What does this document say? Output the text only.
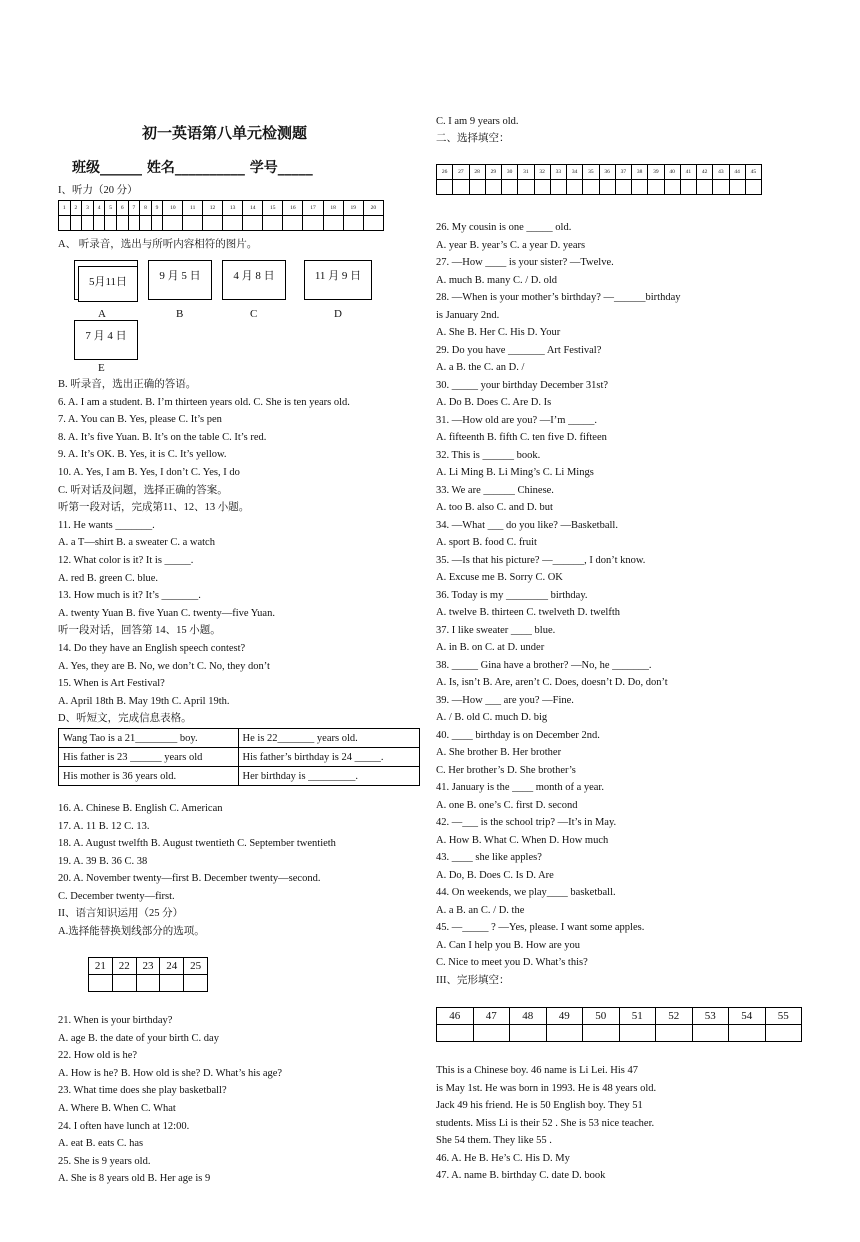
初一英语第八单元检测题
班级______ 姓名__________ 学号_____
I、听力（20 分）
1	2	3	4	5	6	7	8	9	10	11	12	13	14	15	16	17	18	19	20

A、 听录音，选出与所听内容相符的图片。
5月11日	9 月 5 日	4 月 8 日	11 月 9 日
A	B	C	D
7 月 4 日
E
B. 听录音，选出正确的答语。
6. A. I am a student. B. I’m thirteen years old. C. She is ten years old.
7. A. You can B. Yes, please C. It’s pen
8. A. It’s five Yuan. B. It’s on the table C. It’s red.
9. A. It’s OK. B. Yes, it is C. It’s yellow.
10. A. Yes, I am B. Yes, I don’t C. Yes, I do
C. 听对话及问题，选择正确的答案。
听第一段对话，完成第11、12、13 小题。
11. He wants _______.
A. a T—shirt B. a sweater C. a watch
12. What color is it? It is _____.
A. red B. green C. blue.
13. How much is it? It’s _______.
A. twenty Yuan B. five Yuan C. twenty—five Yuan.
听一段对话，回答第 14、15 小题。
14. Do they have an English speech contest?
A. Yes, they are B. No, we don’t C. No, they don’t
15. When is Art Festival?
A. April 18th B. May 19th C. April 19th.
D、听短文，完成信息表格。
Wang Tao is a 21________ boy.	He is 22_______ years old.
His father is 23 ______ years old	His father’s birthday is 24 _____.
His mother is 36 years old.	Her birthday is _________.
16. A. Chinese B. English C. American
17. A. 11 B. 12 C. 13.
18. A. August twelfth B. August twentieth C. September twentieth
19. A. 39 B. 36 C. 38
20. A. November twenty—first B. December twenty—second.
C. December twenty—first.
II、语言知识运用（25 分）
A.选择能替换划线部分的选项。
21	22	23	24	25

21. When is your birthday?
A. age B. the date of your birth C. day
22. How old is he?
A. How is he? B. How old is she? D. What’s his age?
23. What time does she play basketball?
A. Where B. When C. What
24. I often have lunch at 12:00.
A. eat B. eats C. has
25. She is 9 years old.
A. She is 8 years old B. Her age is 9
C. I am 9 years old.
二、选择填空：
26	27	28	29	30	31	32	33	34	35	36	37	38	39	40	41	42	43	44	45

26. My cousin is one _____ old.
A. year B. year’s C. a year D. years
27. —How ____ is your sister? —Twelve.
A. much B. many C. / D. old
28. —When is your mother’s birthday? —______birthday
is January 2nd.
A. She B. Her C. His D. Your
29. Do you have _______ Art Festival?
A. a B. the C. an D. /
30. _____ your birthday December 31st?
A. Do B. Does C. Are D. Is
31. —How old are you? —I’m _____.
A. fifteenth B. fifth C. ten five D. fifteen
32. This is ______ book.
A. Li Ming B. Li Ming’s C. Li Mings
33. We are ______ Chinese.
A. too B. also C. and D. but
34. —What ___ do you like? —Basketball.
A. sport B. food C. fruit
35. —Is that his picture? —______, I don’t know.
A. Excuse me B. Sorry C. OK
36. Today is my ________ birthday.
A. twelve B. thirteen C. twelveth D. twelfth
37. I like sweater ____ blue.
A. in B. on C. at D. under
38. _____ Gina have a brother? —No, he _______.
A. Is, isn’t B. Are, aren’t C. Does, doesn’t D. Do, don’t
39. —How ___ are you? —Fine.
A. / B. old C. much D. big
40. ____ birthday is on December 2nd.
A. She brother B. Her brother
C. Her brother’s D. She brother’s
41. January is the ____ month of a year.
A. one B. one’s C. first D. second
42. —___ is the school trip? —It’s in May.
A. How B. What C. When D. How much
43. ____ she like apples?
A. Do, B. Does C. Is D. Are
44. On weekends, we play____ basketball.
A. a B. an C. / D. the
45. —_____ ? —Yes, please. I want some apples.
A. Can I help you B. How are you
C. Nice to meet you D. What’s this?
III、完形填空：
46	47	48	49	50	51	52	53	54	55

This is a Chinese boy. 46 name is Li Lei. His 47
is May 1st. He was born in 1993. He is 48 years old.
Jack 49 his friend. He is 50 English boy. They 51
students. Miss Li is their 52 . She is 53 nice teacher.
She 54 them. They like 55 .
46. A. He B. He’s C. His D. My
47. A. name B. birthday C. date D. book
